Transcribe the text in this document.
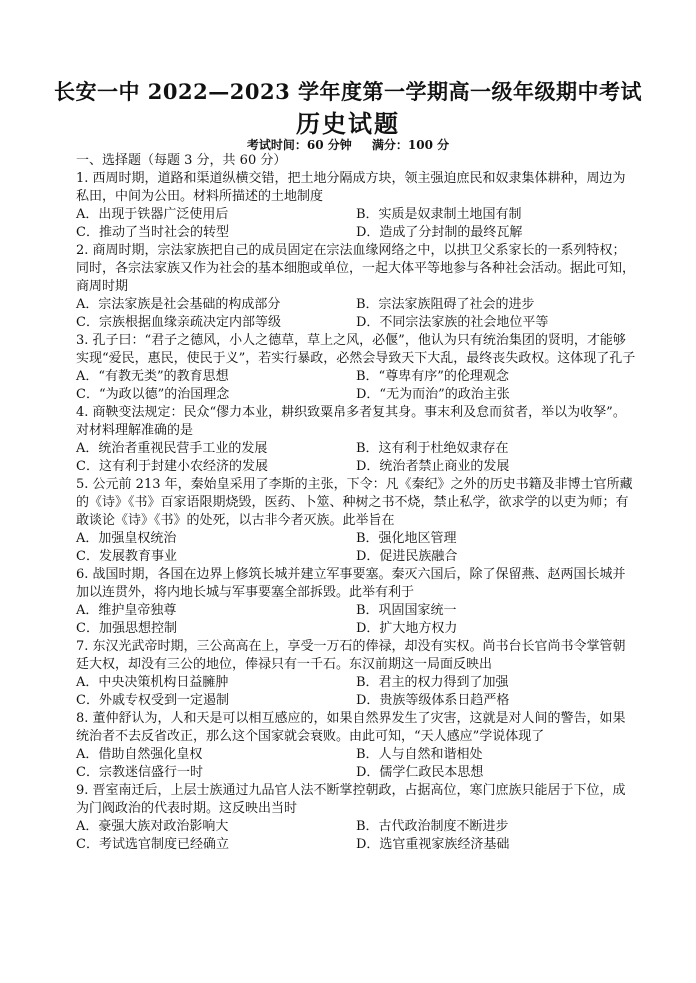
长安一中 2022—2023 学年度第一学期高一级年级期中考试
历史试题
考试时间：60 分钟 满分：100 分

一、选择题（每题 3 分，共 60 分）

1. 西周时期，道路和渠道纵横交错，把土地分隔成方块，领主强迫庶民和奴隶集体耕种，周边为私田，中间为公田。材料所描述的土地制度

A．出现于铁器广泛使用后	B．实质是奴隶制土地国有制
C．推动了当时社会的转型	D．造成了分封制的最终瓦解

2. 商周时期，宗法家族把自己的成员固定在宗法血缘网络之中，以拱卫父系家长的一系列特权；同时，各宗法家族又作为社会的基本细胞或单位，一起大体平等地参与各种社会活动。据此可知，商周时期

A．宗法家族是社会基础的构成部分	B．宗法家族阻碍了社会的进步
C．宗族根据血缘亲疏决定内部等级	D．不同宗法家族的社会地位平等

3. 孔子曰：“君子之德风，小人之德草，草上之风，必偃”，他认为只有统治集团的贤明，才能够实现“爱民，惠民，使民于义”，若实行暴政，必然会导致天下大乱，最终丧失政权。这体现了孔子

A．“有教无类”的教育思想	B．“尊卑有序”的伦理观念
C．“为政以德”的治国理念	D．“无为而治”的政治主张

4. 商鞅变法规定：民众“僇力本业，耕织致粟帛多者复其身。事末利及怠而贫者，举以为收孥”。对材料理解准确的是

A．统治者重视民营手工业的发展	B．这有利于杜绝奴隶存在
C．这有利于封建小农经济的发展	D．统治者禁止商业的发展

5. 公元前 213 年，秦始皇采用了李斯的主张，下令：凡《秦纪》之外的历史书籍及非博士官所藏的《诗》《书》百家语限期烧毁，医药、卜筮、种树之书不烧，禁止私学，欲求学的以吏为师；有敢谈论《诗》《书》的处死，以古非今者灭族。此举旨在

A．加强皇权统治	B．强化地区管理
C．发展教育事业	D．促进民族融合

6. 战国时期，各国在边界上修筑长城并建立军事要塞。秦灭六国后，除了保留燕、赵两国长城并加以连贯外，将内地长城与军事要塞全部拆毁。此举有利于

A．维护皇帝独尊	B．巩固国家统一
C．加强思想控制	D．扩大地方权力

7. 东汉光武帝时期，三公高高在上，享受一万石的俸禄，却没有实权。尚书台长官尚书令掌管朝廷大权，却没有三公的地位，俸禄只有一千石。东汉前期这一局面反映出

A．中央决策机构日益臃肿	B．君主的权力得到了加强
C．外戚专权受到一定遏制	D．贵族等级体系日趋严格

8. 董仲舒认为，人和天是可以相互感应的，如果自然界发生了灾害，这就是对人间的警告，如果统治者不去反省改正，那么这个国家就会衰败。由此可知，“天人感应”学说体现了

A．借助自然强化皇权	B．人与自然和谐相处
C．宗教迷信盛行一时	D．儒学仁政民本思想

9. 晋室南迁后，上层士族通过九品官人法不断掌控朝政，占据高位，寒门庶族只能居于下位，成为门阀政治的代表时期。这反映出当时

A．豪强大族对政治影响大	B．古代政治制度不断进步
C．考试选官制度已经确立	D．选官重视家族经济基础
